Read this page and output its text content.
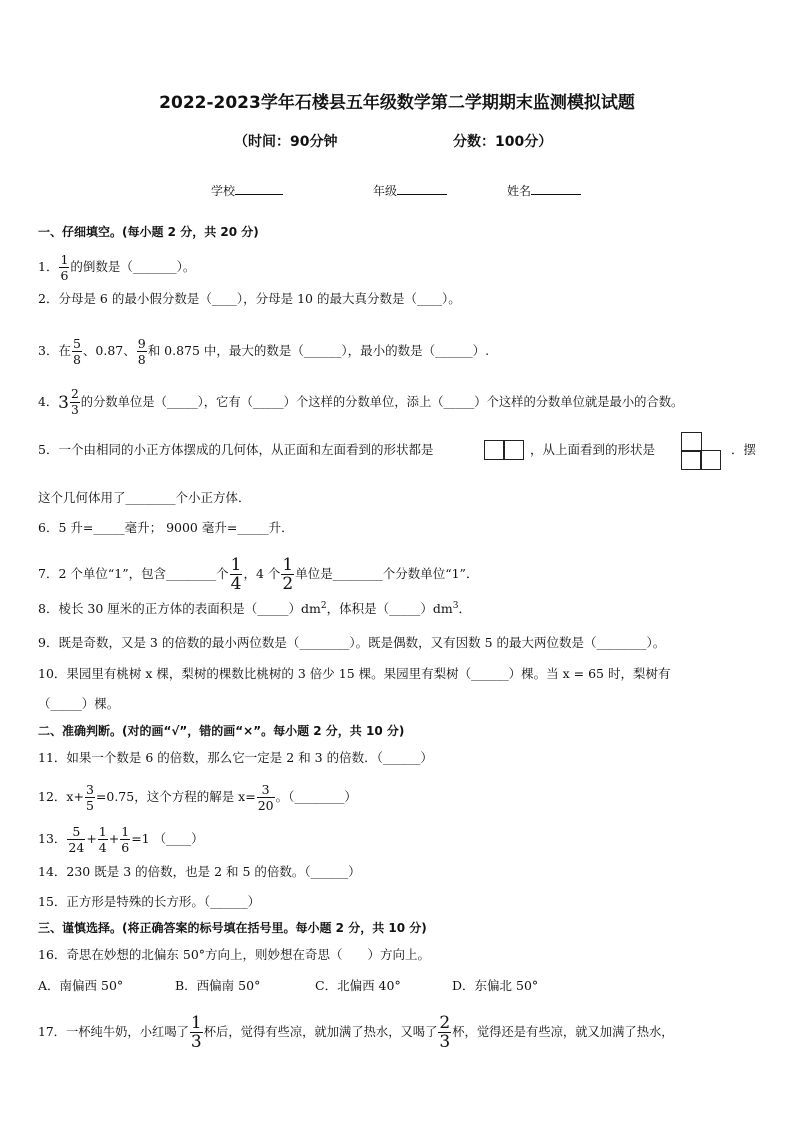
2022-2023学年石楼县五年级数学第二学期期末监测模拟试题
（时间：90分钟	分数：100分）
学校	年级	姓名
一、仔细填空。(每小题 2 分，共 20 分)
1． $\frac{1}{6}$ 的倒数是（_______）。
2．分母是 6 的最小假分数是（____），分母是 10 的最大真分数是（____）。
3．在 $\frac{5}{8}$ 、0.87、 $\frac{9}{8}$ 和 0.875 中，最大的数是（______），最小的数是（______）.
4．$3 \frac{2}{3}$ 的分数单位是（_____），它有（_____）个这样的分数单位，添上（_____）个这样的分数单位就是最小的合数。
5．一个由相同的小正方体摆成的几何体，从正面和左面看到的形状都是	，从上面看到的形状是	．摆
这个几何体用了________个小正方体．
6．5 升=_____毫升； 9000 毫升=_____升．
7．2 个单位“1”，包含________个 $\frac{1}{4}$ ，4 个 $\frac{1}{2}$ 单位是________个分数单位“1”．
8．棱长 30 厘米的正方体的表面积是$(\_\_\_\_\_)dm^2$，体积是$(\_\_\_\_\_)dm^3$．
9．既是奇数，又是 3 的倍数的最小两位数是（________）。既是偶数，又有因数 5 的最大两位数是（________）。
10．果园里有桃树 x 棵，梨树的棵数比桃树的 3 倍少 15 棵。果园里有梨树（______）棵。当 x = 65 时，梨树有
（_____）棵。
二、准确判断。(对的画“√”，错的画“×”。每小题 2 分，共 10 分)
11．如果一个数是 6 的倍数，那么它一定是 2 和 3 的倍数．（______）
12．$x+ \frac{3}{5} =0.75$，这个方程的解是 $x= \frac{3}{20}$ 。（________）
13． $\frac{5}{24} + \frac{1}{4} + \frac{1}{6} =1$ （____）
14．230 既是 3 的倍数，也是 2 和 5 的倍数。（______）
15．正方形是特殊的长方形。（______）
三、谨慎选择。(将正确答案的标号填在括号里。每小题 2 分，共 10 分)
16．奇思在妙想的北偏东 50°方向上，则妙想在奇思（　　）方向上。
A．南偏西 50°	B．西偏南 50°	C．北偏西 40°	D．东偏北 50°
17．一杯纯牛奶，小红喝了 $\frac{1}{3}$ 杯后，觉得有些凉，就加满了热水，又喝了 $\frac{2}{3}$ 杯，觉得还是有些凉，就又加满了热水，
